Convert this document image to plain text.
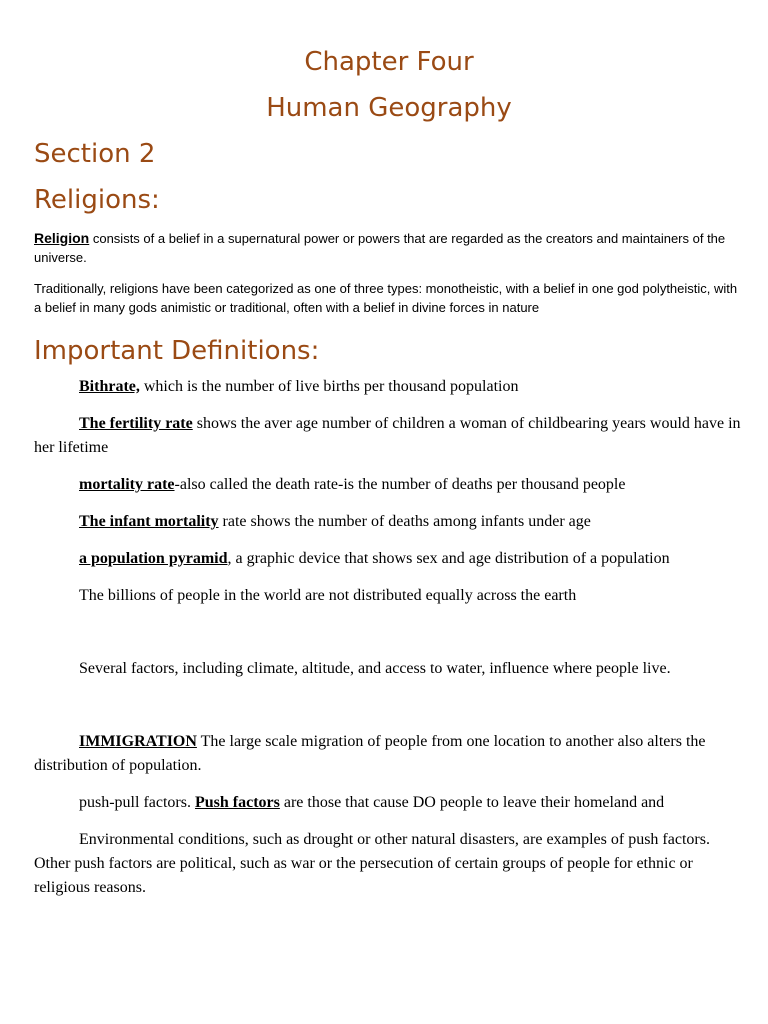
Chapter Four
Human Geography
Section 2
Religions:

Religion consists of a belief in a supernatural power or powers that are regarded as the creators and maintainers of the universe.

Traditionally, religions have been categorized as one of three types: monotheistic, with a belief in one god polytheistic, with a belief in many gods animistic or traditional, often with a belief in divine forces in nature

Important Definitions:

Bithrate, which is the number of live births per thousand population

The fertility rate shows the aver age number of children a woman of childbearing years would have in her lifetime

mortality rate-also called the death rate-is the number of deaths per thousand people

The infant mortality rate shows the number of deaths among infants under age

a population pyramid, a graphic device that shows sex and age distribution of a population

The billions of people in the world are not distributed equally across the earth

Several factors, including climate, altitude, and access to water, influence where people live.

IMMIGRATION The large scale migration of people from one location to another also alters the distribution of population.

push-pull factors. Push factors are those that cause DO people to leave their homeland and

Environmental conditions, such as drought or other natural disasters, are examples of push factors. Other push factors are political, such as war or the persecution of certain groups of people for ethnic or religious reasons.
